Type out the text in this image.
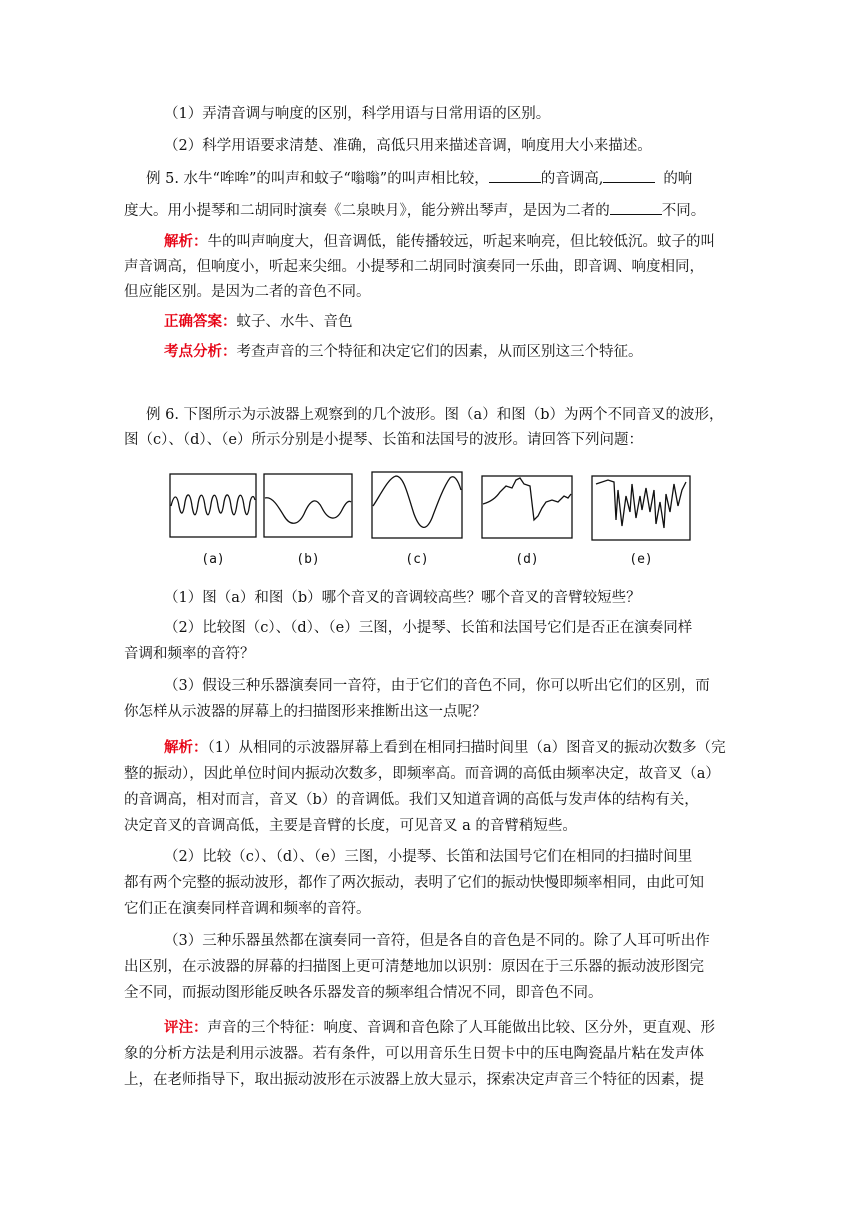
（1）弄清音调与响度的区别，科学用语与日常用语的区别。
（2）科学用语要求清楚、准确，高低只用来描述音调，响度用大小来描述。
例 5. 水牛“哞哞”的叫声和蚊子“嗡嗡”的叫声相比较，	的音调高,	的响
度大。用小提琴和二胡同时演奏《二泉映月》，能分辨出琴声，是因为二者的	不同。
解析：牛的叫声响度大，但音调低，能传播较远，听起来响亮，但比较低沉。蚊子的叫
声音调高，但响度小，听起来尖细。小提琴和二胡同时演奏同一乐曲，即音调、响度相同，
但应能区别。是因为二者的音色不同。
正确答案：蚊子、水牛、音色
考点分析：考查声音的三个特征和决定它们的因素，从而区别这三个特征。
例 6. 下图所示为示波器上观察到的几个波形。图（a）和图（b）为两个不同音叉的波形，
图（c）、（d）、（e）所示分别是小提琴、长笛和法国号的波形。请回答下列问题：
(a)	(b)	(c)	(d)	(e)
（1）图（a）和图（b）哪个音叉的音调较高些？哪个音叉的音臂较短些？
（2）比较图（c）、（d）、（e）三图，小提琴、长笛和法国号它们是否正在演奏同样
音调和频率的音符？
（3）假设三种乐器演奏同一音符，由于它们的音色不同，你可以听出它们的区别，而
你怎样从示波器的屏幕上的扫描图形来推断出这一点呢？
解析：（1）从相同的示波器屏幕上看到在相同扫描时间里（a）图音叉的振动次数多（完
整的振动），因此单位时间内振动次数多，即频率高。而音调的高低由频率决定，故音叉（a）
的音调高，相对而言，音叉（b）的音调低。我们又知道音调的高低与发声体的结构有关，
决定音叉的音调高低，主要是音臂的长度，可见音叉 a 的音臂稍短些。
（2）比较（c）、（d）、（e）三图，小提琴、长笛和法国号它们在相同的扫描时间里
都有两个完整的振动波形，都作了两次振动，表明了它们的振动快慢即频率相同，由此可知
它们正在演奏同样音调和频率的音符。
（3）三种乐器虽然都在演奏同一音符，但是各自的音色是不同的。除了人耳可听出作
出区别，在示波器的屏幕的扫描图上更可清楚地加以识别：原因在于三乐器的振动波形图完
全不同，而振动图形能反映各乐器发音的频率组合情况不同，即音色不同。
评注：声音的三个特征：响度、音调和音色除了人耳能做出比较、区分外，更直观、形
象的分析方法是利用示波器。若有条件，可以用音乐生日贺卡中的压电陶瓷晶片粘在发声体
上，在老师指导下，取出振动波形在示波器上放大显示，探索决定声音三个特征的因素，提
